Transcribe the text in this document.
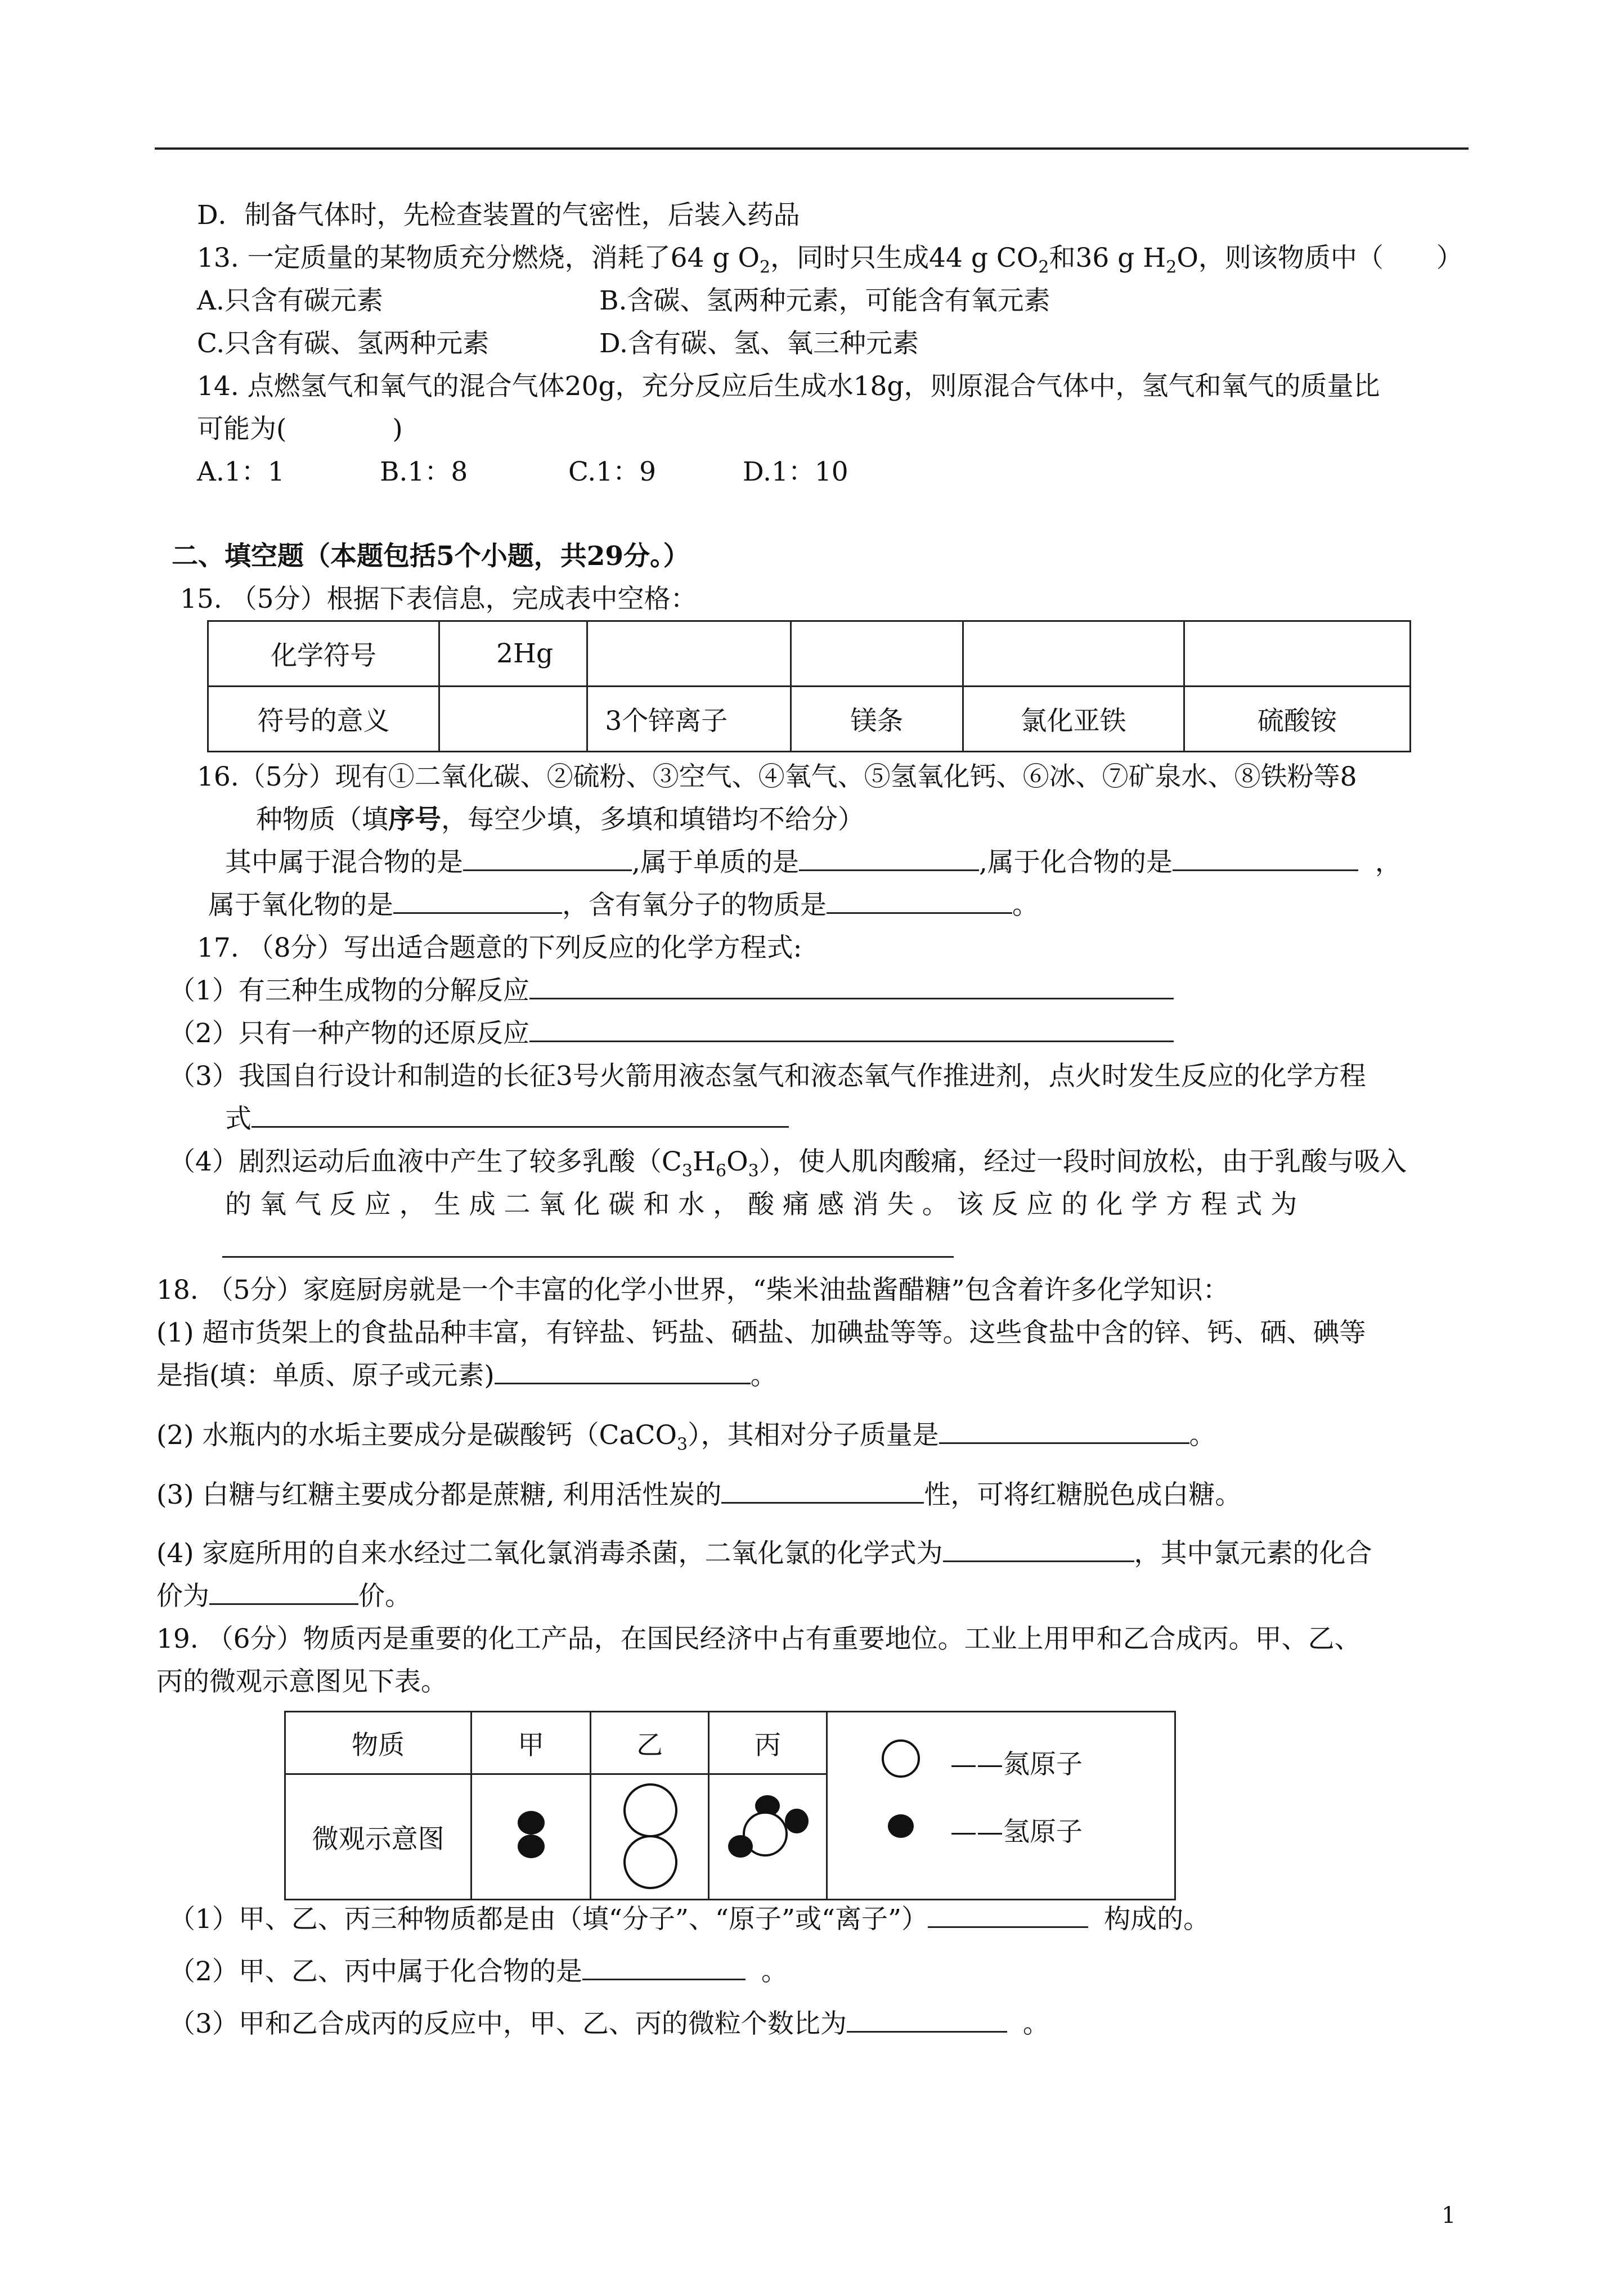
D．制备气体时，先检查装置的气密性，后装入药品
13. 一定质量的某物质充分燃烧，消耗了64 g $O_2$，同时只生成44 g $CO_2$和36 g $H_2O$，则该物质中（　　）
A.只含有碳元素	B.含碳、氢两种元素，可能含有氧元素
C.只含有碳、氢两种元素	D.含有碳、氢、氧三种元素
14. 点燃氢气和氧气的混合气体20g，充分反应后生成水18g，则原混合气体中，氢气和氧气的质量比
可能为(　　　　)
A.1：1	B.1：8	C.1：9	D.1：10
二、填空题（本题包括5个小题，共29分。）
15. （5分）根据下表信息，完成表中空格：
化学符号	2Hg				
符号的意义		3个锌离子	镁条	氯化亚铁	硫酸铵
16.（5分）现有①二氧化碳、②硫粉、③空气、④氧气、⑤氢氧化钙、⑥冰、⑦矿泉水、⑧铁粉等8
种物质（填序号，每空少填，多填和填错均不给分）
其中属于混合物的是	,属于单质的是	,属于化合物的是	，
属于氧化物的是	，含有氧分子的物质是	。
17. （8分）写出适合题意的下列反应的化学方程式:
（1）有三种生成物的分解反应
（2）只有一种产物的还原反应
（3）我国自行设计和制造的长征3号火箭用液态氢气和液态氧气作推进剂，点火时发生反应的化学方程
式
（4）剧烈运动后血液中产生了较多乳酸$(C_3H_6O_3)$，使人肌肉酸痛，经过一段时间放松，由于乳酸与吸入
的 氧 气 反 应 ， 生 成 二 氧 化 碳 和 水 ， 酸 痛 感 消 失 。 该 反 应 的 化 学 方 程 式 为
18. （5分）家庭厨房就是一个丰富的化学小世界，“柴米油盐酱醋糖”包含着许多化学知识：
(1) 超市货架上的食盐品种丰富，有锌盐、钙盐、硒盐、加碘盐等等。这些食盐中含的锌、钙、硒、碘等
是指(填：单质、原子或元素)	。
(2) 水瓶内的水垢主要成分是碳酸钙（CaCO$_3$），其相对分子质量是	。
(3) 白糖与红糖主要成分都是蔗糖, 利用活性炭的	性，可将红糖脱色成白糖。
(4) 家庭所用的自来水经过二氧化氯消毒杀菌，二氧化氯的化学式为	，其中氯元素的化合
价为	价。
19. （6分）物质丙是重要的化工产品，在国民经济中占有重要地位。工业上用甲和乙合成丙。甲、乙、
丙的微观示意图见下表。
物质	甲	乙	丙	——氮原子
——氢原子

微观示意图	

（1）甲、乙、丙三种物质都是由（填“分子”、“原子”或“离子”）	构成的。
（2）甲、乙、丙中属于化合物的是	。
（3）甲和乙合成丙的反应中，甲、乙、丙的微粒个数比为	。
1
